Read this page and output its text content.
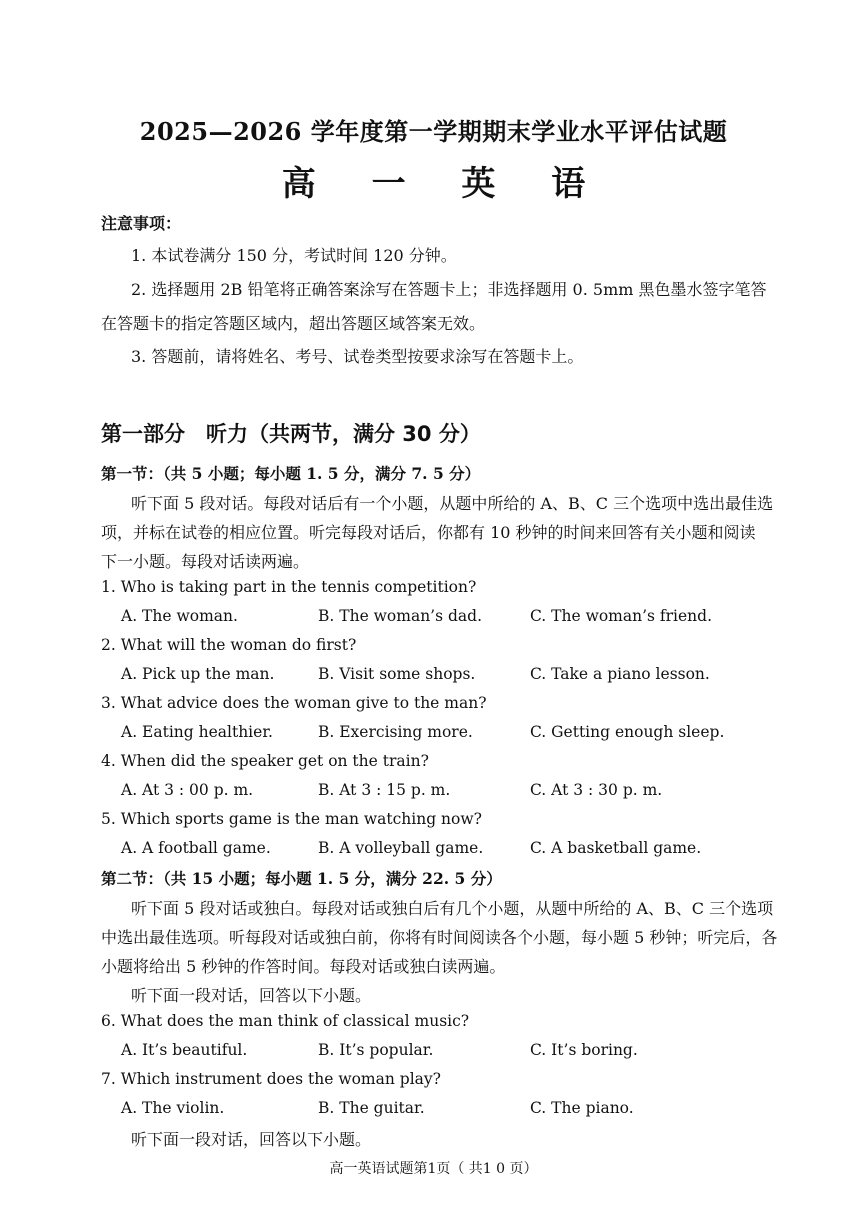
2025—2026 学年度第一学期期末学业水平评估试题
高 一 英 语
注意事项：
1. 本试卷满分 150 分，考试时间 120 分钟。
2. 选择题用 2B 铅笔将正确答案涂写在答题卡上；非选择题用 0. 5mm 黑色墨水签字笔答
在答题卡的指定答题区域内，超出答题区域答案无效。
3. 答题前，请将姓名、考号、试卷类型按要求涂写在答题卡上。
第一部分　听力（共两节，满分 30 分）
第一节：（共 5 小题；每小题 1. 5 分，满分 7. 5 分）
听下面 5 段对话。每段对话后有一个小题，从题中所给的 A、B、C 三个选项中选出最佳选
项，并标在试卷的相应位置。听完每段对话后，你都有 10 秒钟的时间来回答有关小题和阅读
下一小题。每段对话读两遍。
1. Who is taking part in the tennis competition?
A. The woman.	B. The woman’s dad.	C. The woman’s friend.
2. What will the woman do first?
A. Pick up the man.	B. Visit some shops.	C. Take a piano lesson.
3. What advice does the woman give to the man?
A. Eating healthier.	B. Exercising more.	C. Getting enough sleep.
4. When did the speaker get on the train?
A. At 3 : 00 p. m.	B. At 3 : 15 p. m.	C. At 3 : 30 p. m.
5. Which sports game is the man watching now?
A. A football game.	B. A volleyball game.	C. A basketball game.
第二节：（共 15 小题；每小题 1. 5 分，满分 22. 5 分）
听下面 5 段对话或独白。每段对话或独白后有几个小题，从题中所给的 A、B、C 三个选项
中选出最佳选项。听每段对话或独白前，你将有时间阅读各个小题，每小题 5 秒钟；听完后，各
小题将给出 5 秒钟的作答时间。每段对话或独白读两遍。
听下面一段对话，回答以下小题。
6. What does the man think of classical music?
A. It’s beautiful.	B. It’s popular.	C. It’s boring.
7. Which instrument does the woman play?
A. The violin.	B. The guitar.	C. The piano.
听下面一段对话，回答以下小题。
高一英语试题第1页（ 共1 0 页）
